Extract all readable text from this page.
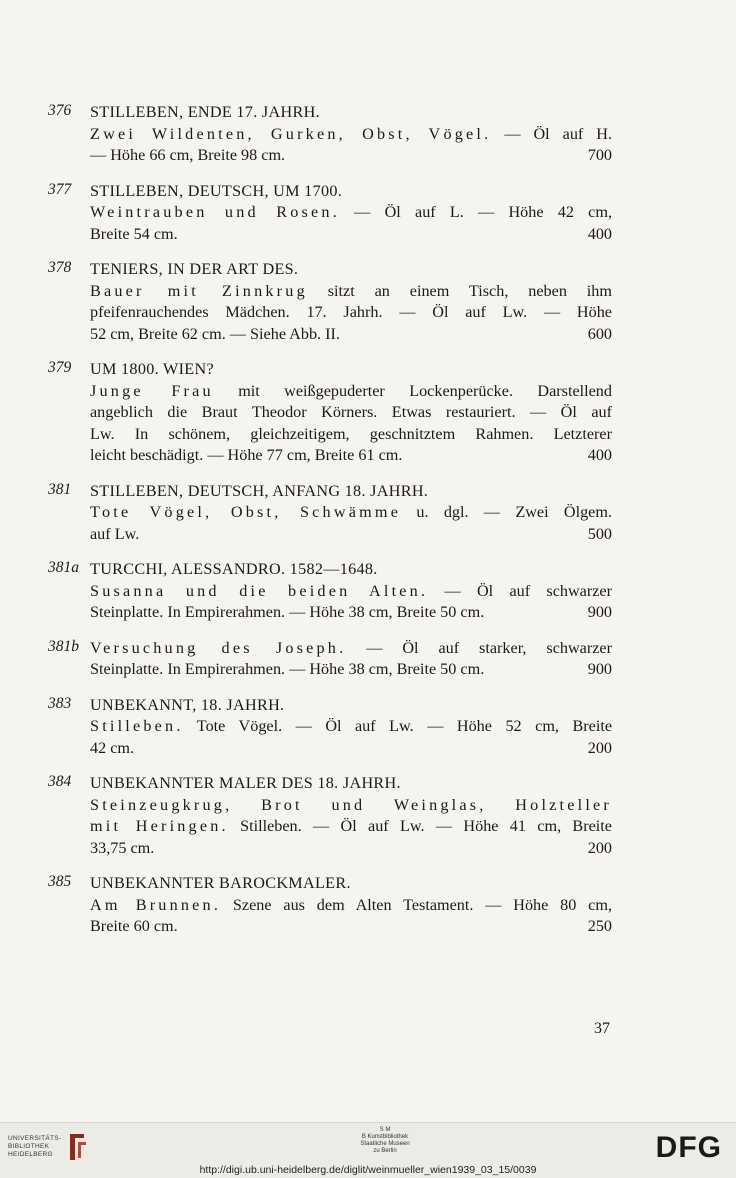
376	STILLEBEN, ENDE 17. JAHRH.
Zwei Wildenten, Gurken, Obst, Vögel. — Öl auf H.
— Höhe 66 cm, Breite 98 cm.	700
377	STILLEBEN, DEUTSCH, UM 1700.
Weintrauben und Rosen. — Öl auf L. — Höhe 42 cm,
Breite 54 cm.	400
378	TENIERS, IN DER ART DES.
Bauer mit Zinnkrug sitzt an einem Tisch, neben ihm
pfeifenrauchendes Mädchen. 17. Jahrh. — Öl auf Lw. — Höhe
52 cm, Breite 62 cm. — Siehe Abb. II.	600
379	UM 1800. WIEN?
Junge Frau mit weißgepuderter Lockenperücke. Darstellend
angeblich die Braut Theodor Körners. Etwas restauriert. — Öl auf
Lw. In schönem, gleichzeitigem, geschnitztem Rahmen. Letzterer
leicht beschädigt. — Höhe 77 cm, Breite 61 cm.	400
381	STILLEBEN, DEUTSCH, ANFANG 18. JAHRH.
Tote Vögel, Obst, Schwämme u. dgl. — Zwei Ölgem.
auf Lw.	500
381a TURCCHI, ALESSANDRO. 1582—1648.
Susanna und die beiden Alten. — Öl auf schwarzer
Steinplatte. In Empirerahmen. — Höhe 38 cm, Breite 50 cm.	900
381b Versuchung des Joseph. — Öl auf starker, schwarzer
Steinplatte. In Empirerahmen. — Höhe 38 cm, Breite 50 cm.	900
383	UNBEKANNT, 18. JAHRH.
Stilleben. Tote Vögel. — Öl auf Lw. — Höhe 52 cm, Breite
42 cm.	200
384	UNBEKANNTER MALER DES 18. JAHRH.
Steinzeugkrug, Brot und Weinglas, Holzteller
mit Heringen. Stilleben. — Öl auf Lw. — Höhe 41 cm, Breite
33,75 cm.	200
385	UNBEKANNTER BAROCKMALER.
Am Brunnen. Szene aus dem Alten Testament. — Höhe 80 cm,
Breite 60 cm.	250
37
UNIVERSITÄTS-
BIBLIOTHEK
HEIDELBERG
S M
B Kunstbibliothek
Staatliche Museen
zu Berlin	DFG
http://digi.ub.uni-heidelberg.de/diglit/weinmueller_wien1939_03_15/0039
